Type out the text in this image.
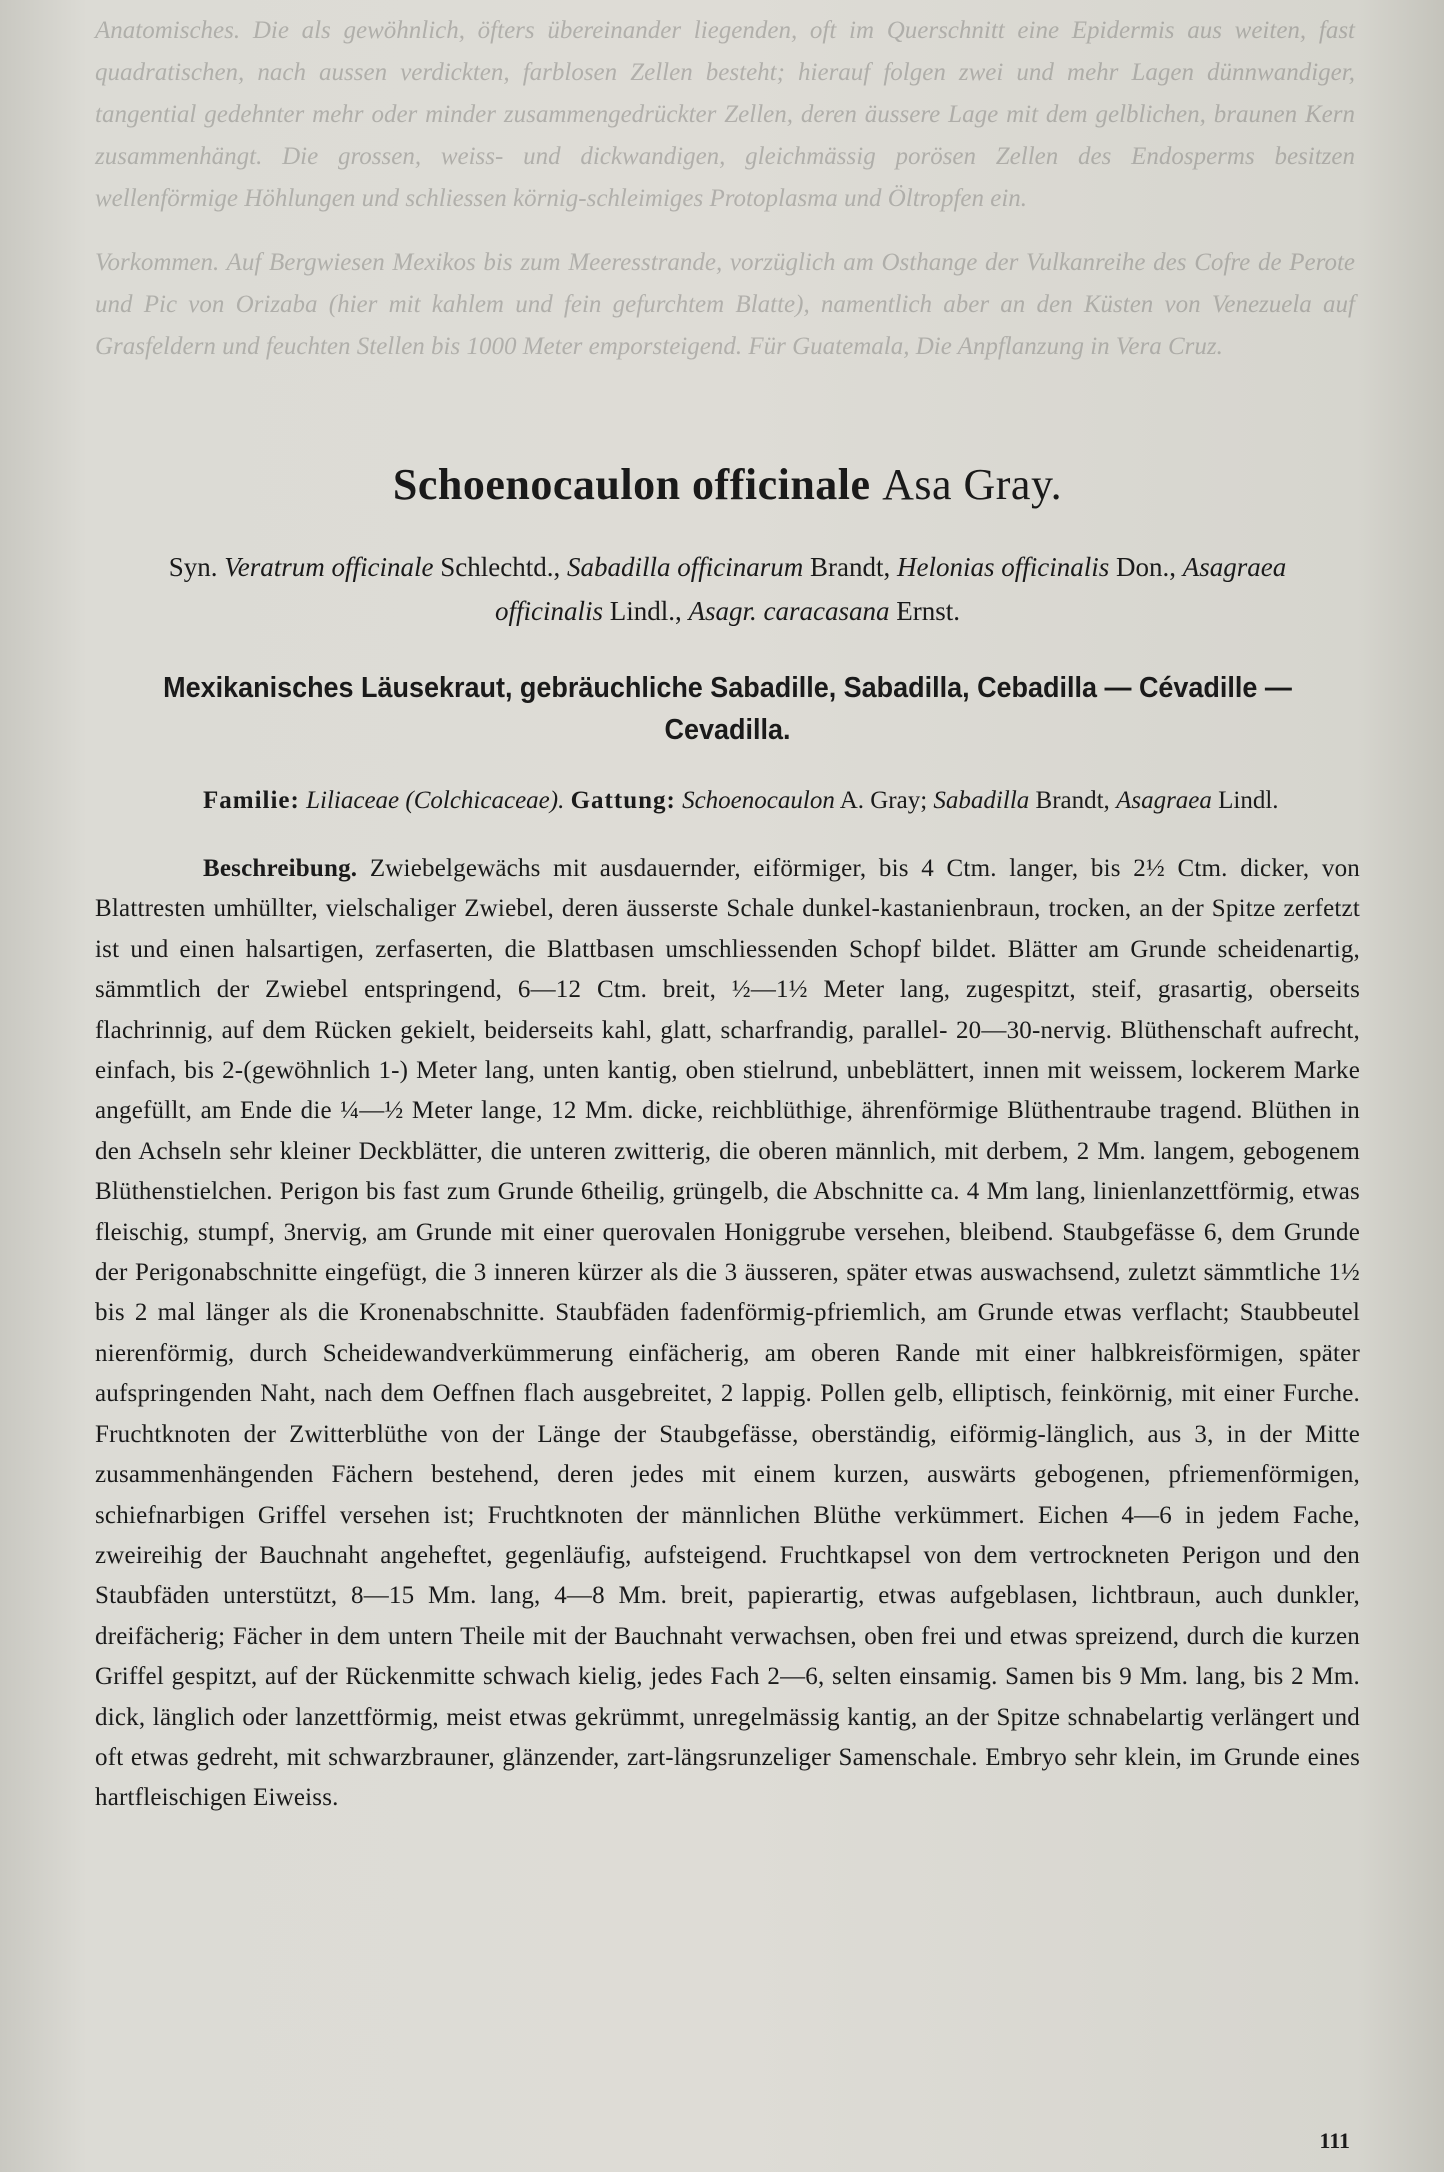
Anatomisches. Die als gewöhnlich, öfters übereinander liegenden, oft im Querschnitt eine Epidermis aus weiten, fast quadratischen, nach aussen verdickten, farblosen Zellen besteht; hierauf folgen zwei und mehr Lagen dünnwandiger, tangential gedehnter mehr oder minder zusammengedrückter Zellen, deren äussere Lage mit dem gelblichen, braunen Kern zusammenhängt. Die grossen, weiss- und dickwandigen, gleichmässig porösen Zellen des Endosperms besitzen wellenförmige Höhlungen und schliessen körnig-schleimiges Protoplasma und Öltropfen ein.

Vorkommen. Auf Bergwiesen Mexikos bis zum Meeresstrande, vorzüglich am Osthange der Vulkanreihe des Cofre de Perote und Pic von Orizaba (hier mit kahlem und fein gefurchtem Blatte), namentlich aber an den Küsten von Venezuela auf Grasfeldern und feuchten Stellen bis 1000 Meter emporsteigend. Für Guatemala, Die Anpflanzung in Vera Cruz.

Schoenocaulon officinale Asa Gray.

Syn. Veratrum officinale Schlechtd., Sabadilla officinarum Brandt, Helonias officinalis Don., Asagraea officinalis Lindl., Asagr. caracasana Ernst.

Mexikanisches Läusekraut, gebräuchliche Sabadille, Sabadilla, Cebadilla — Cévadille — Cevadilla.

Familie: Liliaceae (Colchicaceae). Gattung: Schoenocaulon A. Gray; Sabadilla Brandt, Asagraea Lindl.

Beschreibung. Zwiebelgewächs mit ausdauernder, eiförmiger, bis 4 Ctm. langer, bis 2½ Ctm. dicker, von Blattresten umhüllter, vielschaliger Zwiebel, deren äusserste Schale dunkel-kastanienbraun, trocken, an der Spitze zerfetzt ist und einen halsartigen, zerfaserten, die Blattbasen umschliessenden Schopf bildet. Blätter am Grunde scheidenartig, sämmtlich der Zwiebel entspringend, 6—12 Ctm. breit, ½—1½ Meter lang, zugespitzt, steif, grasartig, oberseits flachrinnig, auf dem Rücken gekielt, beiderseits kahl, glatt, scharfrandig, parallel- 20—30-nervig. Blüthenschaft aufrecht, einfach, bis 2-(gewöhnlich 1-) Meter lang, unten kantig, oben stielrund, unbeblättert, innen mit weissem, lockerem Marke angefüllt, am Ende die ¼—½ Meter lange, 12 Mm. dicke, reichblüthige, ährenförmige Blüthentraube tragend. Blüthen in den Achseln sehr kleiner Deckblätter, die unteren zwitterig, die oberen männlich, mit derbem, 2 Mm. langem, gebogenem Blüthenstielchen. Perigon bis fast zum Grunde 6theilig, grüngelb, die Abschnitte ca. 4 Mm lang, linienlanzettförmig, etwas fleischig, stumpf, 3nervig, am Grunde mit einer querovalen Honiggrube versehen, bleibend. Staubgefässe 6, dem Grunde der Perigonabschnitte eingefügt, die 3 inneren kürzer als die 3 äusseren, später etwas auswachsend, zuletzt sämmtliche 1½ bis 2 mal länger als die Kronenabschnitte. Staubfäden fadenförmig-pfriemlich, am Grunde etwas verflacht; Staubbeutel nierenförmig, durch Scheidewandverkümmerung einfächerig, am oberen Rande mit einer halbkreisförmigen, später aufspringenden Naht, nach dem Oeffnen flach ausgebreitet, 2 lappig. Pollen gelb, elliptisch, feinkörnig, mit einer Furche. Fruchtknoten der Zwitterblüthe von der Länge der Staubgefässe, oberständig, eiförmig-länglich, aus 3, in der Mitte zusammenhängenden Fächern bestehend, deren jedes mit einem kurzen, auswärts gebogenen, pfriemenförmigen, schiefnarbigen Griffel versehen ist; Fruchtknoten der männlichen Blüthe verkümmert. Eichen 4—6 in jedem Fache, zweireihig der Bauchnaht angeheftet, gegenläufig, aufsteigend. Fruchtkapsel von dem vertrockneten Perigon und den Staubfäden unterstützt, 8—15 Mm. lang, 4—8 Mm. breit, papierartig, etwas aufgeblasen, lichtbraun, auch dunkler, dreifächerig; Fächer in dem untern Theile mit der Bauchnaht verwachsen, oben frei und etwas spreizend, durch die kurzen Griffel gespitzt, auf der Rückenmitte schwach kielig, jedes Fach 2—6, selten einsamig. Samen bis 9 Mm. lang, bis 2 Mm. dick, länglich oder lanzettförmig, meist etwas gekrümmt, unregelmässig kantig, an der Spitze schnabelartig verlängert und oft etwas gedreht, mit schwarzbrauner, glänzender, zart-längsrunzeliger Samenschale. Embryo sehr klein, im Grunde eines hartfleischigen Eiweiss.

111
